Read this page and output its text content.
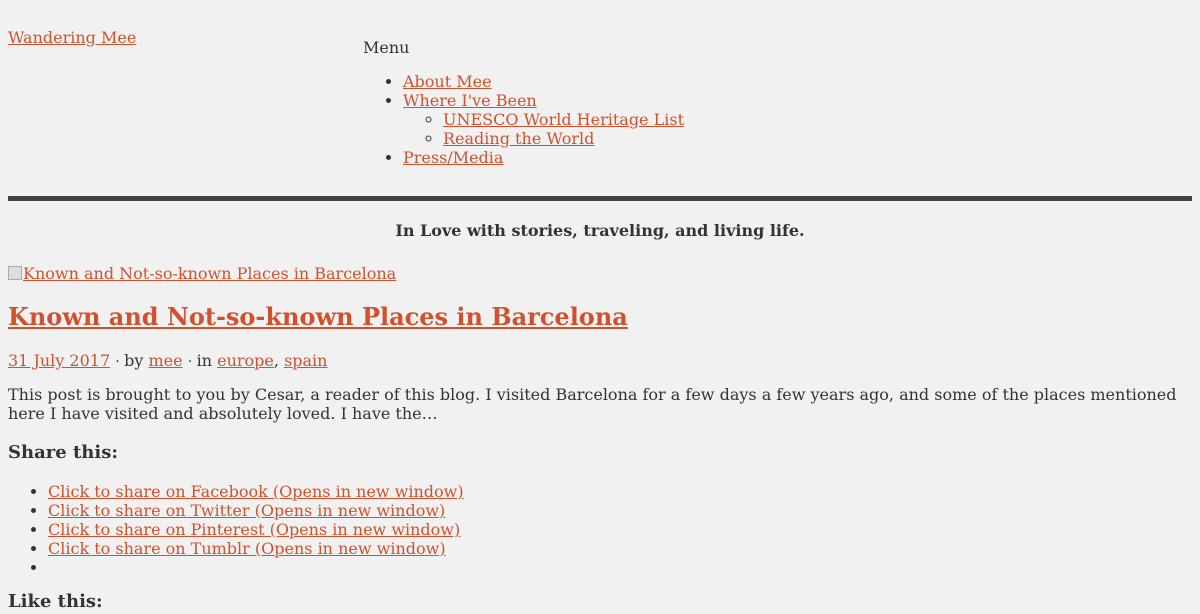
Wandering Mee
Menu
• About Mee
• Where I've Been
◦ UNESCO World Heritage List
◦ Reading the World
• Press/Media
In Love with stories, traveling, and living life.
Known and Not-so-known Places in Barcelona
Known and Not-so-known Places in Barcelona
31 July 2017 · by mee · in europe, spain

This post is brought to you by Cesar, a reader of this blog. I visited Barcelona for a few days a few years ago, and some of the places mentioned here I have visited and absolutely loved. I have the…

Share this:
• Click to share on Facebook (Opens in new window)
• Click to share on Twitter (Opens in new window)
• Click to share on Pinterest (Opens in new window)
• Click to share on Tumblr (Opens in new window)
•
Like this:
